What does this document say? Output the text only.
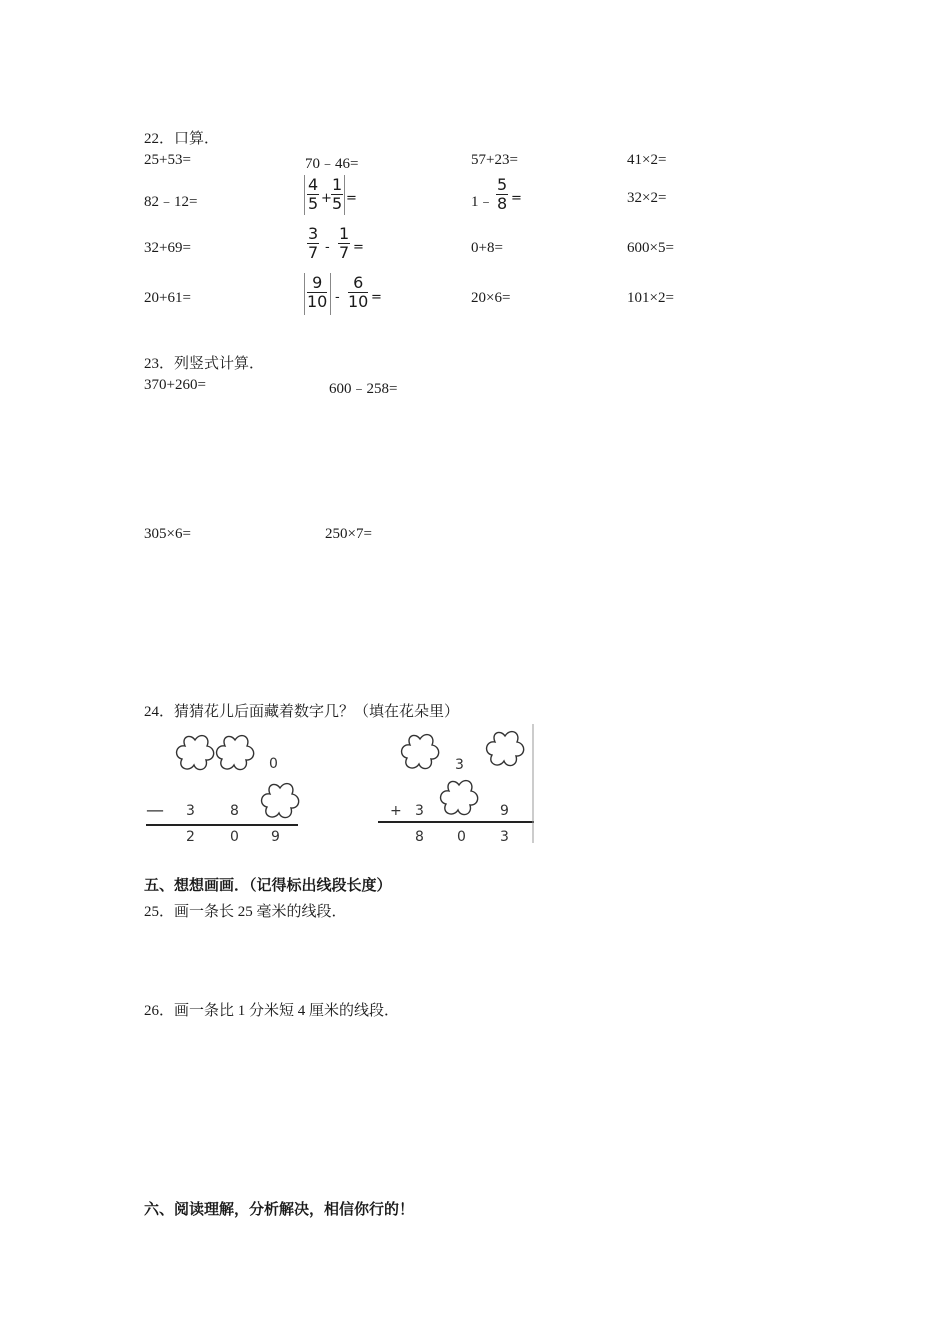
22．口算．
25+53=	70﹣46=	57+23=	41×2=
82﹣12=	$\frac{4}{5} + \frac{1}{5}$ =	1﹣ $\frac{5}{8}$ =	32×2=
32+69=	$\frac{3}{7} - \frac{1}{7}$ =	0+8=	600×5=
20+61=	$\frac{9}{10} - \frac{6}{10}$ =	20×6=	101×2=
23．列竖式计算．
370+260=	600﹣258=
305×6=	250×7=
24．猜猜花儿后面藏着数字几？（填在花朵里）
0
— 3	8
2	0 9
3
+ 3	9
8 0 3
五、想想画画．（记得标出线段长度）
25．画一条长 25 毫米的线段．
26．画一条比 1 分米短 4 厘米的线段．
六、阅读理解，分析解决，相信你行的！
